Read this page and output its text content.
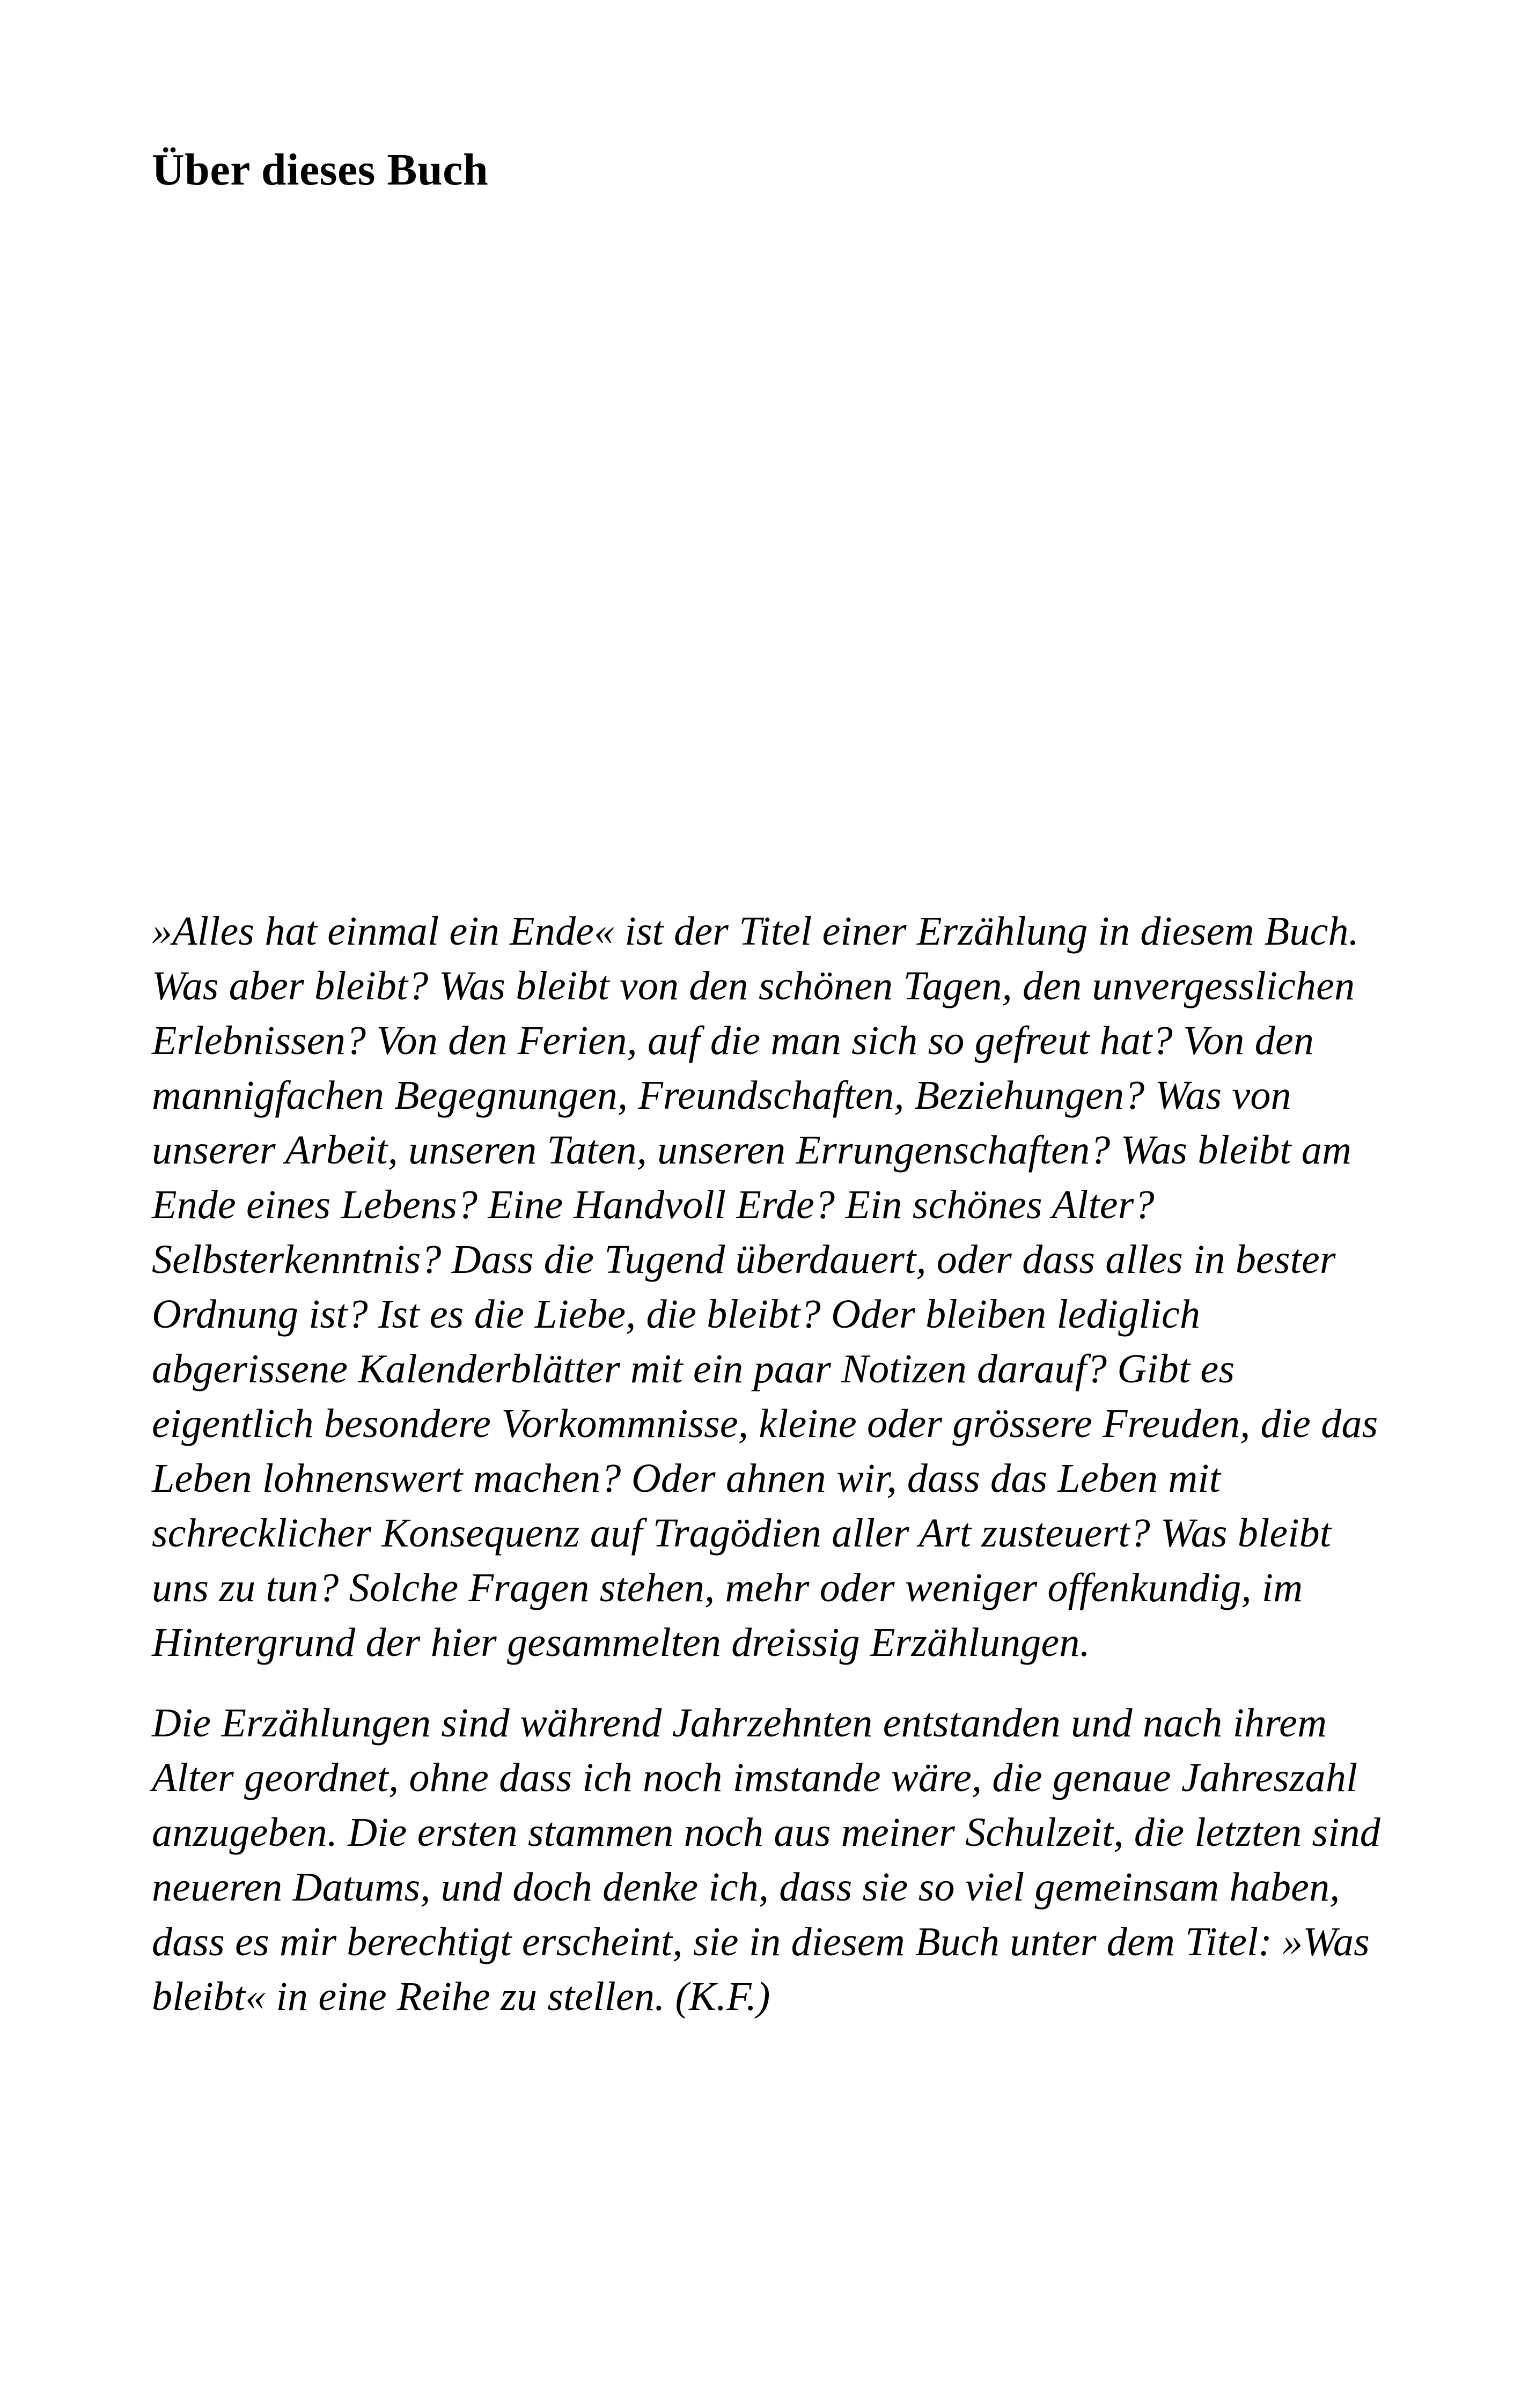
Über dieses Buch

»Alles hat einmal ein Ende« ist der Titel einer Erzählung in diesem Buch. Was aber bleibt? Was bleibt von den schönen Tagen, den unvergesslichen Erlebnissen? Von den Ferien, auf die man sich so gefreut hat? Von den mannigfachen Begegnungen, Freundschaften, Beziehungen? Was von unserer Arbeit, unseren Taten, unseren Errungenschaften? Was bleibt am Ende eines Lebens? Eine Handvoll Erde? Ein schönes Alter? Selbsterkenntnis? Dass die Tugend überdauert, oder dass alles in bester Ordnung ist? Ist es die Liebe, die bleibt? Oder bleiben lediglich abgerissene Kalenderblätter mit ein paar Notizen darauf? Gibt es eigentlich besondere Vorkommnisse, kleine oder grössere Freuden, die das Leben lohnenswert machen? Oder ahnen wir, dass das Leben mit schrecklicher Konsequenz auf Tragödien aller Art zusteuert? Was bleibt uns zu tun? Solche Fragen stehen, mehr oder weniger offenkundig, im Hintergrund der hier gesammelten dreissig Erzählungen.

Die Erzählungen sind während Jahrzehnten entstanden und nach ihrem Alter geordnet, ohne dass ich noch imstande wäre, die genaue Jahreszahl anzugeben. Die ersten stammen noch aus meiner Schulzeit, die letzten sind neueren Datums, und doch denke ich, dass sie so viel gemeinsam haben, dass es mir berechtigt erscheint, sie in diesem Buch unter dem Titel: »Was bleibt« in eine Reihe zu stellen. (K.F.)
